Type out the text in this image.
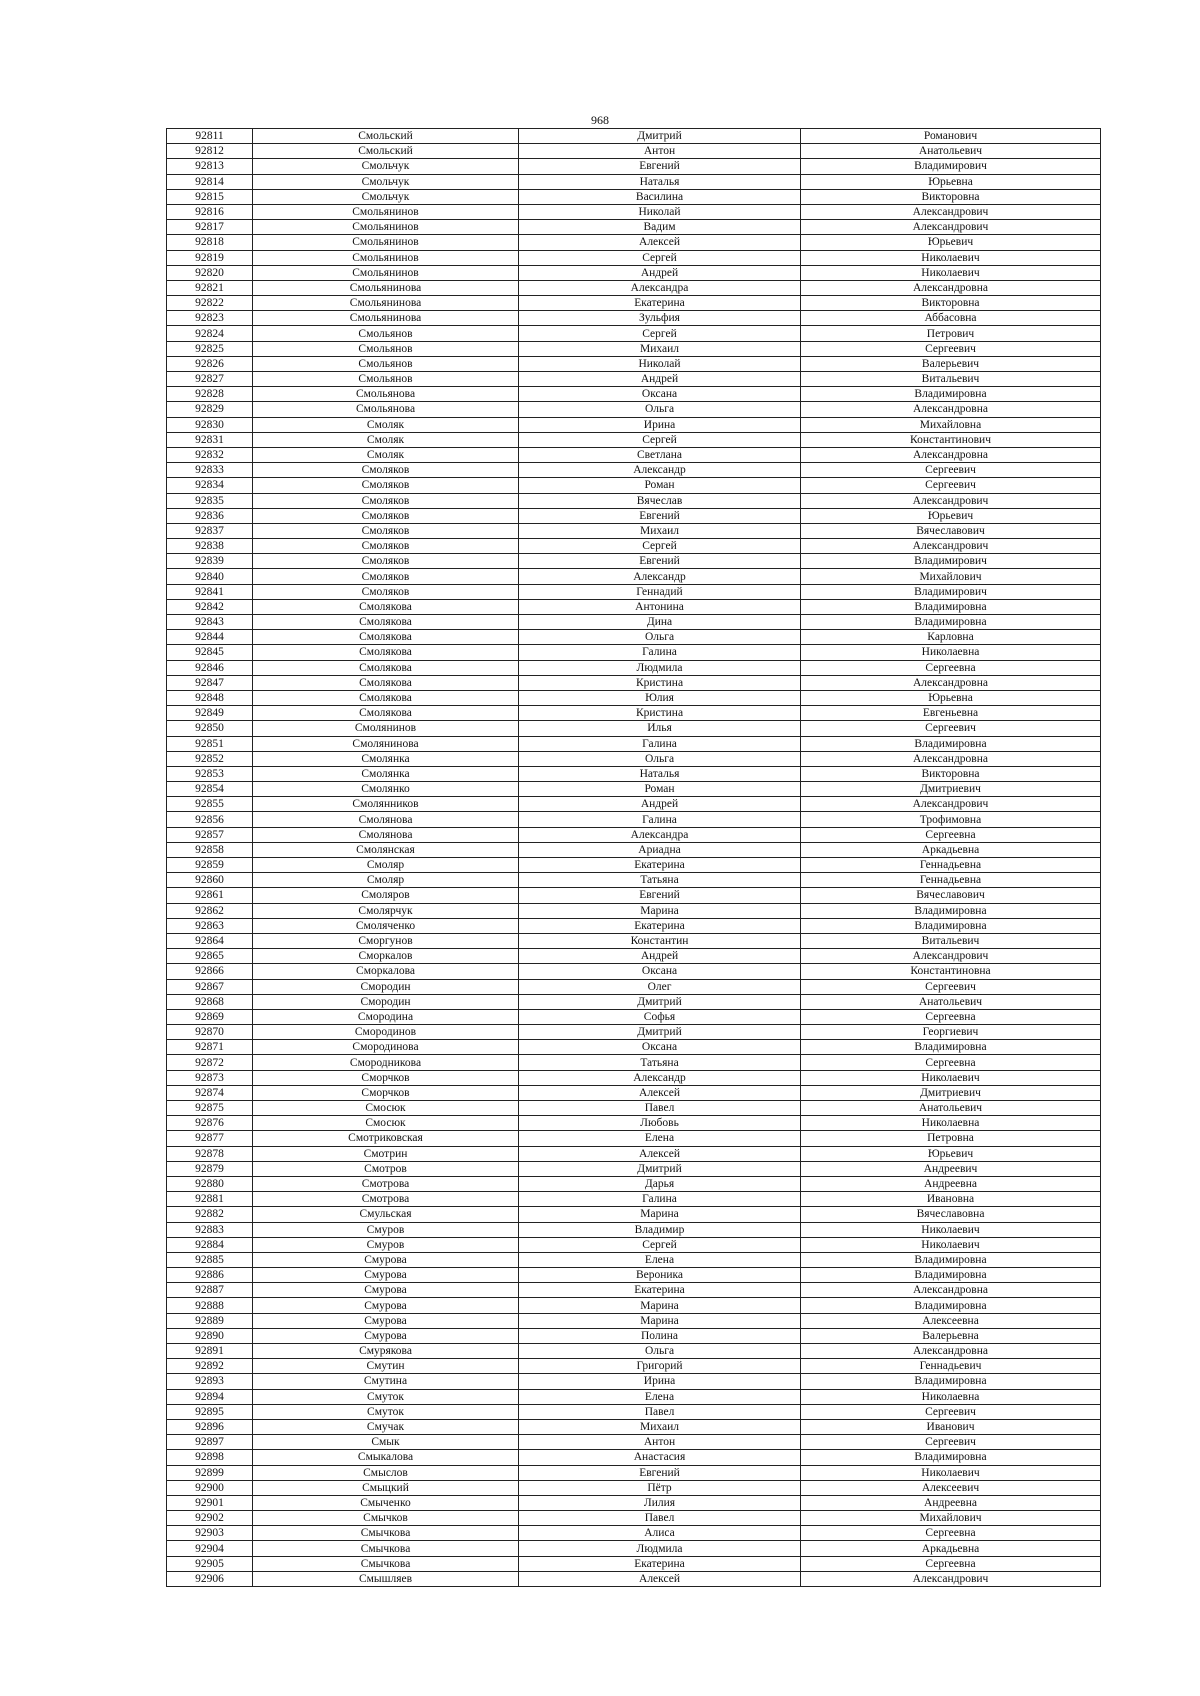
968
92811	Смольский	Дмитрий	Романович
92812	Смольский	Антон	Анатольевич
92813	Смольчук	Евгений	Владимирович
92814	Смольчук	Наталья	Юрьевна
92815	Смольчук	Василина	Викторовна
92816	Смольянинов	Николай	Александрович
92817	Смольянинов	Вадим	Александрович
92818	Смольянинов	Алексей	Юрьевич
92819	Смольянинов	Сергей	Николаевич
92820	Смольянинов	Андрей	Николаевич
92821	Смольянинова	Александра	Александровна
92822	Смольянинова	Екатерина	Викторовна
92823	Смольянинова	Зульфия	Аббасовна
92824	Смольянов	Сергей	Петрович
92825	Смольянов	Михаил	Сергеевич
92826	Смольянов	Николай	Валерьевич
92827	Смольянов	Андрей	Витальевич
92828	Смольянова	Оксана	Владимировна
92829	Смольянова	Ольга	Александровна
92830	Смоляк	Ирина	Михайловна
92831	Смоляк	Сергей	Константинович
92832	Смоляк	Светлана	Александровна
92833	Смоляков	Александр	Сергеевич
92834	Смоляков	Роман	Сергеевич
92835	Смоляков	Вячеслав	Александрович
92836	Смоляков	Евгений	Юрьевич
92837	Смоляков	Михаил	Вячеславович
92838	Смоляков	Сергей	Александрович
92839	Смоляков	Евгений	Владимирович
92840	Смоляков	Александр	Михайлович
92841	Смоляков	Геннадий	Владимирович
92842	Смолякова	Антонина	Владимировна
92843	Смолякова	Дина	Владимировна
92844	Смолякова	Ольга	Карловна
92845	Смолякова	Галина	Николаевна
92846	Смолякова	Людмила	Сергеевна
92847	Смолякова	Кристина	Александровна
92848	Смолякова	Юлия	Юрьевна
92849	Смолякова	Кристина	Евгеньевна
92850	Смолянинов	Илья	Сергеевич
92851	Смолянинова	Галина	Владимировна
92852	Смолянка	Ольга	Александровна
92853	Смолянка	Наталья	Викторовна
92854	Смолянко	Роман	Дмитриевич
92855	Смолянников	Андрей	Александрович
92856	Смолянова	Галина	Трофимовна
92857	Смолянова	Александра	Сергеевна
92858	Смолянская	Ариадна	Аркадьевна
92859	Смоляр	Екатерина	Геннадьевна
92860	Смоляр	Татьяна	Геннадьевна
92861	Смоляров	Евгений	Вячеславович
92862	Смолярчук	Марина	Владимировна
92863	Смоляченко	Екатерина	Владимировна
92864	Сморгунов	Константин	Витальевич
92865	Сморкалов	Андрей	Александрович
92866	Сморкалова	Оксана	Константиновна
92867	Смородин	Олег	Сергеевич
92868	Смородин	Дмитрий	Анатольевич
92869	Смородина	Софья	Сергеевна
92870	Смородинов	Дмитрий	Георгиевич
92871	Смородинова	Оксана	Владимировна
92872	Смородникова	Татьяна	Сергеевна
92873	Сморчков	Александр	Николаевич
92874	Сморчков	Алексей	Дмитриевич
92875	Смосюк	Павел	Анатольевич
92876	Смосюк	Любовь	Николаевна
92877	Смотриковская	Елена	Петровна
92878	Смотрин	Алексей	Юрьевич
92879	Смотров	Дмитрий	Андреевич
92880	Смотрова	Дарья	Андреевна
92881	Смотрова	Галина	Ивановна
92882	Смульская	Марина	Вячеславовна
92883	Смуров	Владимир	Николаевич
92884	Смуров	Сергей	Николаевич
92885	Смурова	Елена	Владимировна
92886	Смурова	Вероника	Владимировна
92887	Смурова	Екатерина	Александровна
92888	Смурова	Марина	Владимировна
92889	Смурова	Марина	Алексеевна
92890	Смурова	Полина	Валерьевна
92891	Смурякова	Ольга	Александровна
92892	Смутин	Григорий	Геннадьевич
92893	Смутина	Ирина	Владимировна
92894	Смуток	Елена	Николаевна
92895	Смуток	Павел	Сергеевич
92896	Смучак	Михаил	Иванович
92897	Смык	Антон	Сергеевич
92898	Смыкалова	Анастасия	Владимировна
92899	Смыслов	Евгений	Николаевич
92900	Смыцкий	Пётр	Алексеевич
92901	Смыченко	Лилия	Андреевна
92902	Смычков	Павел	Михайлович
92903	Смычкова	Алиса	Сергеевна
92904	Смычкова	Людмила	Аркадьевна
92905	Смычкова	Екатерина	Сергеевна
92906	Смышляев	Алексей	Александрович
